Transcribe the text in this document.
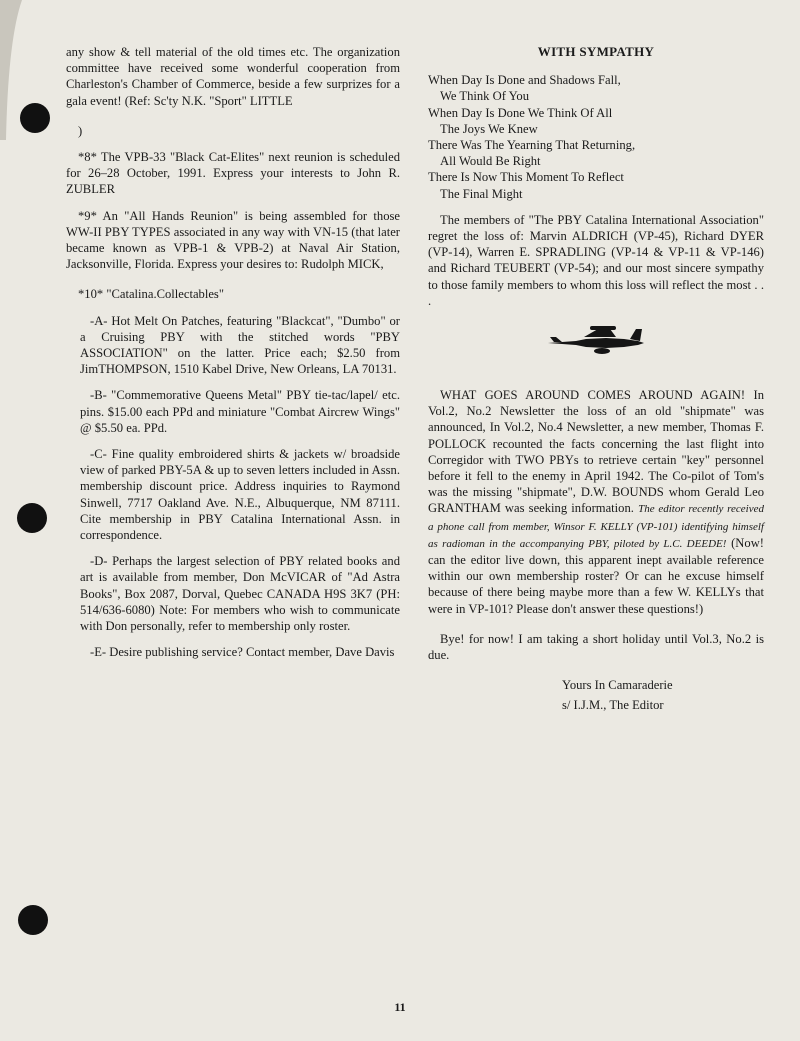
any show & tell material of the old times etc. The organization committee have received some wonderful cooperation from Charleston's Chamber of Commerce, beside a few surprizes for a gala event! (Ref: Sc'ty N.K. "Sport" LITTLE

)

*8* The VPB-33 "Black Cat-Elites" next reunion is scheduled for 26–28 October, 1991. Express your interests to John R. ZUBLER

*9* An "All Hands Reunion" is being assembled for those WW-II PBY TYPES associated in any way with VN-15 (that later became known as VPB-1 & VPB-2) at Naval Air Station, Jacksonville, Florida. Express your desires to: Rudolph MICK,

*10* "Catalina.Collectables"

-A- Hot Melt On Patches, featuring "Blackcat", "Dumbo" or a Cruising PBY with the stitched words "PBY ASSOCIATION" on the latter. Price each; $2.50 from JimTHOMPSON, 1510 Kabel Drive, New Orleans, LA 70131.

-B- "Commemorative Queens Metal" PBY tie-tac/lapel/ etc. pins. $15.00 each PPd and miniature "Combat Aircrew Wings" @ $5.50 ea. PPd.

-C- Fine quality embroidered shirts & jackets w/ broadside view of parked PBY-5A & up to seven letters included in Assn. membership discount price. Address inquiries to Raymond Sinwell, 7717 Oakland Ave. N.E., Albuquerque, NM 87111. Cite membership in PBY Catalina International Assn. in correspondence.

-D- Perhaps the largest selection of PBY related books and art is available from member, Don McVICAR of "Ad Astra Books", Box 2087, Dorval, Quebec CANADA H9S 3K7 (PH: 514/636-6080) Note: For members who wish to communicate with Don personally, refer to membership only roster.

-E- Desire publishing service? Contact member, Dave Davis

WITH SYMPATHY

When Day Is Done and Shadows Fall,

We Think Of You

When Day Is Done We Think Of All

The Joys We Knew

There Was The Yearning That Returning,

All Would Be Right

There Is Now This Moment To Reflect

The Final Might

The members of "The PBY Catalina International Association" regret the loss of: Marvin ALDRICH (VP-45), Richard DYER (VP-14), Warren E. SPRADLING (VP-14 & VP-11 & VP-146) and Richard TEUBERT (VP-54); and our most sincere sympathy to those family members to whom this loss will reflect the most . . .

WHAT GOES AROUND COMES AROUND AGAIN! In Vol.2, No.2 Newsletter the loss of an old "shipmate" was announced, In Vol.2, No.4 Newsletter, a new member, Thomas F. POLLOCK recounted the facts concerning the last flight into Corregidor with TWO PBYs to retrieve certain "key" personnel before it fell to the enemy in April 1942. The Co-pilot of Tom's was the missing "shipmate", D.W. BOUNDS whom Gerald Leo GRANTHAM was seeking information. The editor recently received a phone call from member, Winsor F. KELLY (VP-101) identifying himself as radioman in the accompanying PBY, piloted by L.C. DEEDE! (Now! can the editor live down, this apparent inept available reference within our own membership roster? Or can he excuse himself because of there being maybe more than a few W. KELLYs that were in VP-101? Please don't answer these questions!)

Bye! for now! I am taking a short holiday until Vol.3, No.2 is due.

Yours In Camaraderie

s/ I.J.M., The Editor

11
